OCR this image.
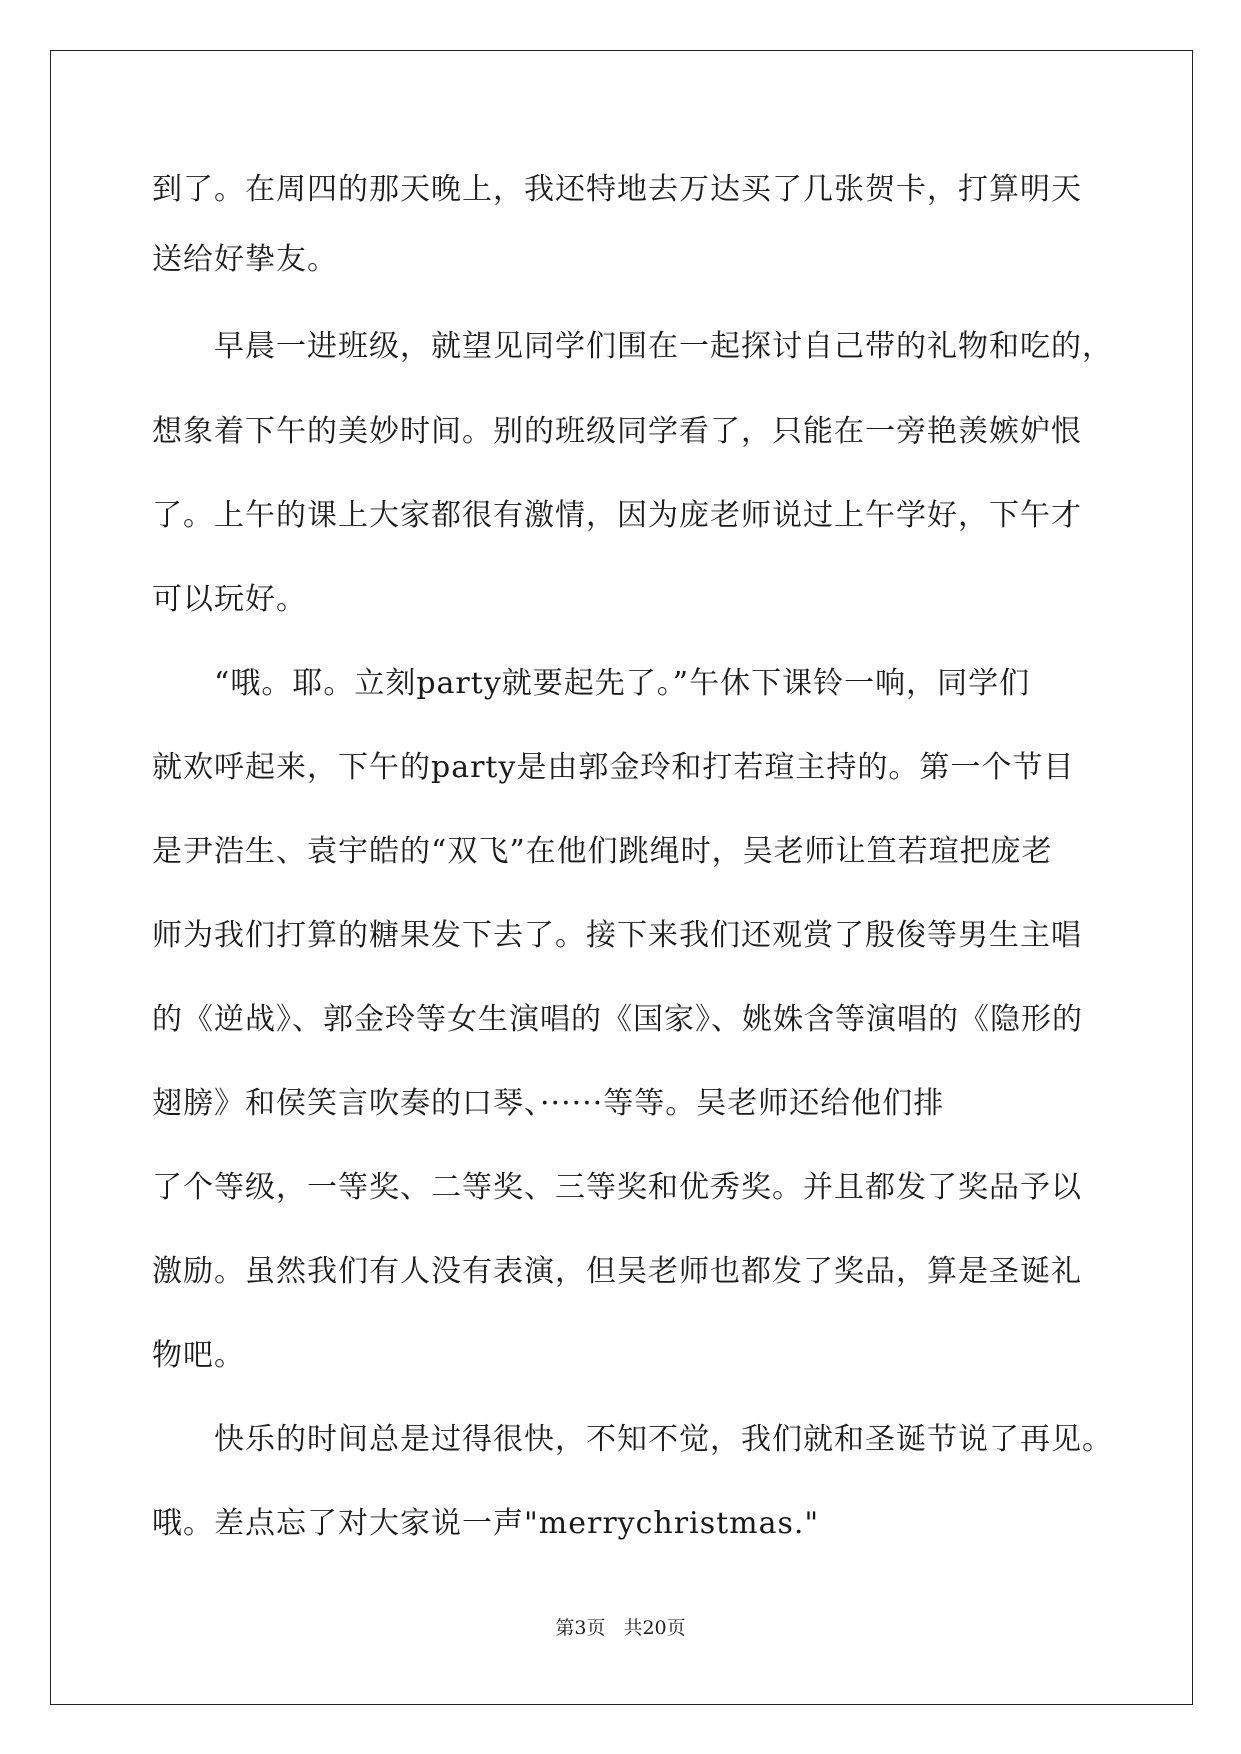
到了。在周四的那天晚上，我还特地去万达买了几张贺卡，打算明天
送给好挚友。
早晨一进班级，就望见同学们围在一起探讨自己带的礼物和吃的，
想象着下午的美妙时间。别的班级同学看了，只能在一旁艳羡嫉妒恨
了。上午的课上大家都很有激情，因为庞老师说过上午学好，下午才
可以玩好。
“哦。耶。立刻party就要起先了。”午休下课铃一响，同学们
就欢呼起来，下午的party是由郭金玲和打若瑄主持的。第一个节目
是尹浩生、袁宇皓的“双飞”在他们跳绳时，吴老师让笪若瑄把庞老
师为我们打算的糖果发下去了。接下来我们还观赏了殷俊等男生主唱
的《逆战》、郭金玲等女生演唱的《国家》、姚姝含等演唱的《隐形的
翅膀》和侯笑言吹奏的口琴、······等等。吴老师还给他们排
了个等级，一等奖、二等奖、三等奖和优秀奖。并且都发了奖品予以
激励。虽然我们有人没有表演，但吴老师也都发了奖品，算是圣诞礼
物吧。
快乐的时间总是过得很快，不知不觉，我们就和圣诞节说了再见。
哦。差点忘了对大家说一声"merrychristmas."
第3页 共20页
